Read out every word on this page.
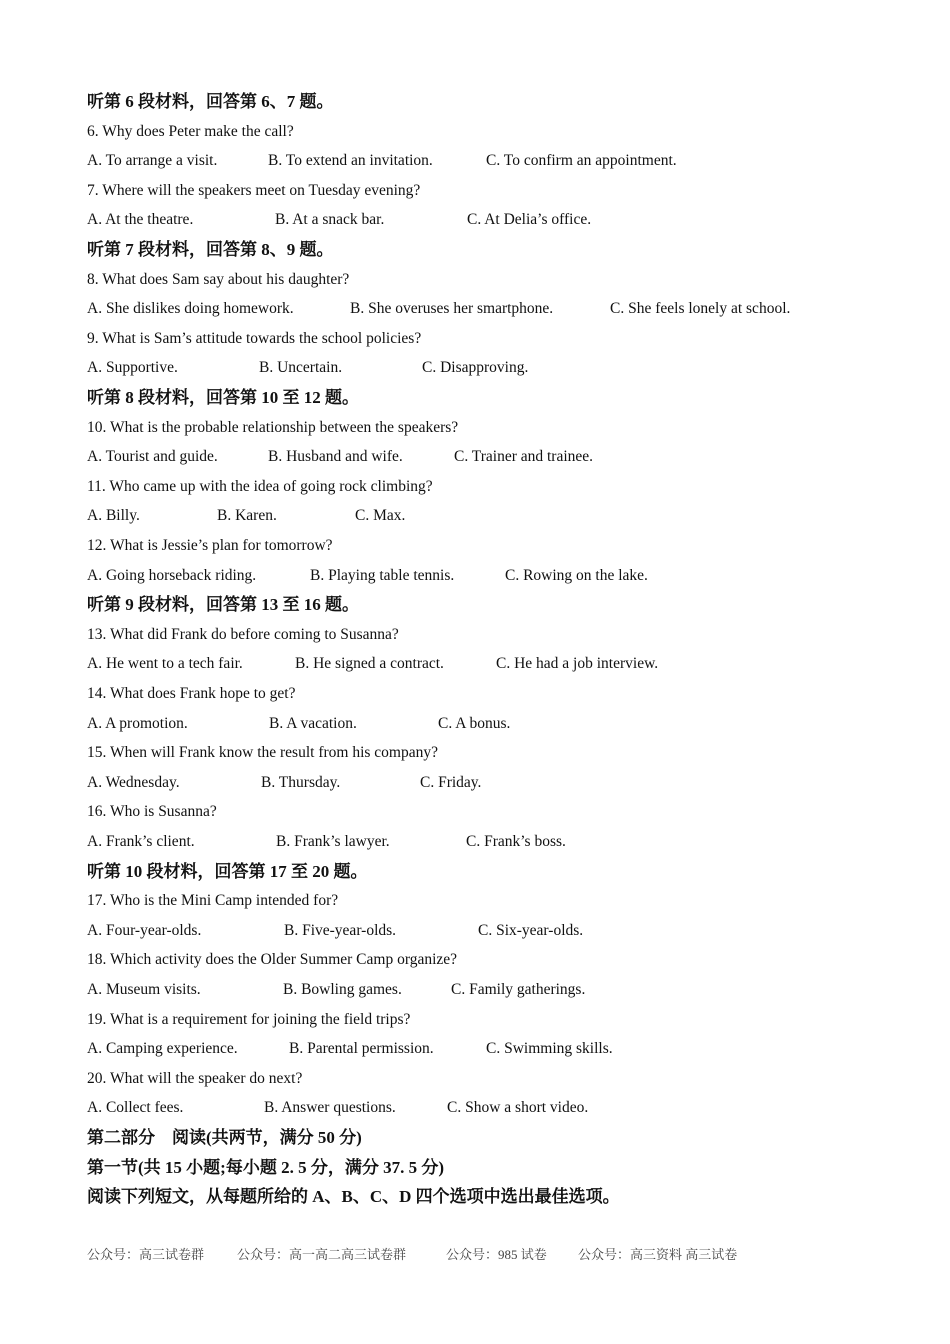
听第 6 段材料，回答第 6、7 题。
6. Why does Peter make the call?
A. To arrange a visit.	B. To extend an invitation.	C. To confirm an appointment.
7. Where will the speakers meet on Tuesday evening?
A. At the theatre.	B. At a snack bar.	C. At Delia’s office.
听第 7 段材料，回答第 8、9 题。
8. What does Sam say about his daughter?
A. She dislikes doing homework.	B. She overuses her smartphone.	C. She feels lonely at school.
9. What is Sam’s attitude towards the school policies?
A. Supportive.	B. Uncertain.	C. Disapproving.
听第 8 段材料，回答第 10 至 12 题。
10. What is the probable relationship between the speakers?
A. Tourist and guide.	B. Husband and wife.	C. Trainer and trainee.
11. Who came up with the idea of going rock climbing?
A. Billy.	B. Karen.	C. Max.
12. What is Jessie’s plan for tomorrow?
A. Going horseback riding.	B. Playing table tennis.	C. Rowing on the lake.
听第 9 段材料，回答第 13 至 16 题。
13. What did Frank do before coming to Susanna?
A. He went to a tech fair.	B. He signed a contract.	C. He had a job interview.
14. What does Frank hope to get?
A. A promotion.	B. A vacation.	C. A bonus.
15. When will Frank know the result from his company?
A. Wednesday.	B. Thursday.	C. Friday.
16. Who is Susanna?
A. Frank’s client.	B. Frank’s lawyer.	C. Frank’s boss.
听第 10 段材料，回答第 17 至 20 题。
17. Who is the Mini Camp intended for?
A. Four-year-olds.	B. Five-year-olds.	C. Six-year-olds.
18. Which activity does the Older Summer Camp organize?
A. Museum visits.	B. Bowling games.	C. Family gatherings.
19. What is a requirement for joining the field trips?
A. Camping experience.	B. Parental permission.	C. Swimming skills.
20. What will the speaker do next?
A. Collect fees.	B. Answer questions.	C. Show a short video.
第二部分　阅读(共两节，满分 50 分)
第一节(共 15 小题;每小题 2. 5 分，满分 37. 5 分)
阅读下列短文，从每题所给的 A、B、C、D 四个选项中选出最佳选项。
公众号：高三试卷群	公众号：高一高二高三试卷群	公众号：985 试卷 公众号：高三资料 高三试卷
